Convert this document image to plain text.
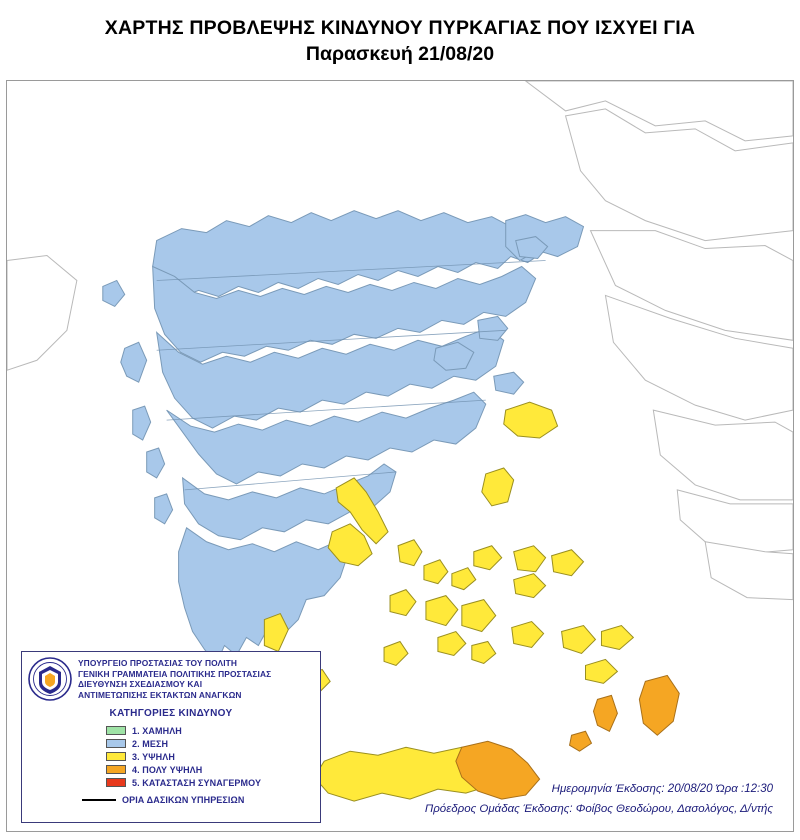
ΧΑΡΤΗΣ ΠΡΟΒΛΕΨΗΣ ΚΙΝΔΥΝΟΥ ΠΥΡΚΑΓΙΑΣ ΠΟΥ ΙΣΧΥΕΙ ΓΙΑ
Παρασκευή 21/08/20
ΥΠΟΥΡΓΕΙΟ ΠΡΟΣΤΑΣΙΑΣ ΤΟΥ ΠΟΛΙΤΗ
ΓΕΝΙΚΗ ΓΡΑΜΜΑΤΕΙΑ ΠΟΛΙΤΙΚΗΣ ΠΡΟΣΤΑΣΙΑΣ
ΔΙΕΥΘΥΝΣΗ ΣΧΕΔΙΑΣΜΟΥ ΚΑΙ
ΑΝΤΙΜΕΤΩΠΙΣΗΣ ΕΚΤΑΚΤΩΝ ΑΝΑΓΚΩΝ
ΚΑΤΗΓΟΡΙΕΣ ΚΙΝΔΥΝΟΥ
1. ΧΑΜΗΛΗ
2. ΜΕΣΗ
3. ΥΨΗΛΗ
4. ΠΟΛΥ ΥΨΗΛΗ
5. ΚΑΤΑΣΤΑΣΗ ΣΥΝΑΓΕΡΜΟΥ
ΟΡΙΑ ΔΑΣΙΚΩΝ ΥΠΗΡΕΣΙΩΝ
Ημερομηνία Έκδοσης: 20/08/20 Ώρα :12:30
Πρόεδρος Ομάδας Έκδοσης: Φοίβος Θεοδώρου, Δασολόγος, Δ/ντής
